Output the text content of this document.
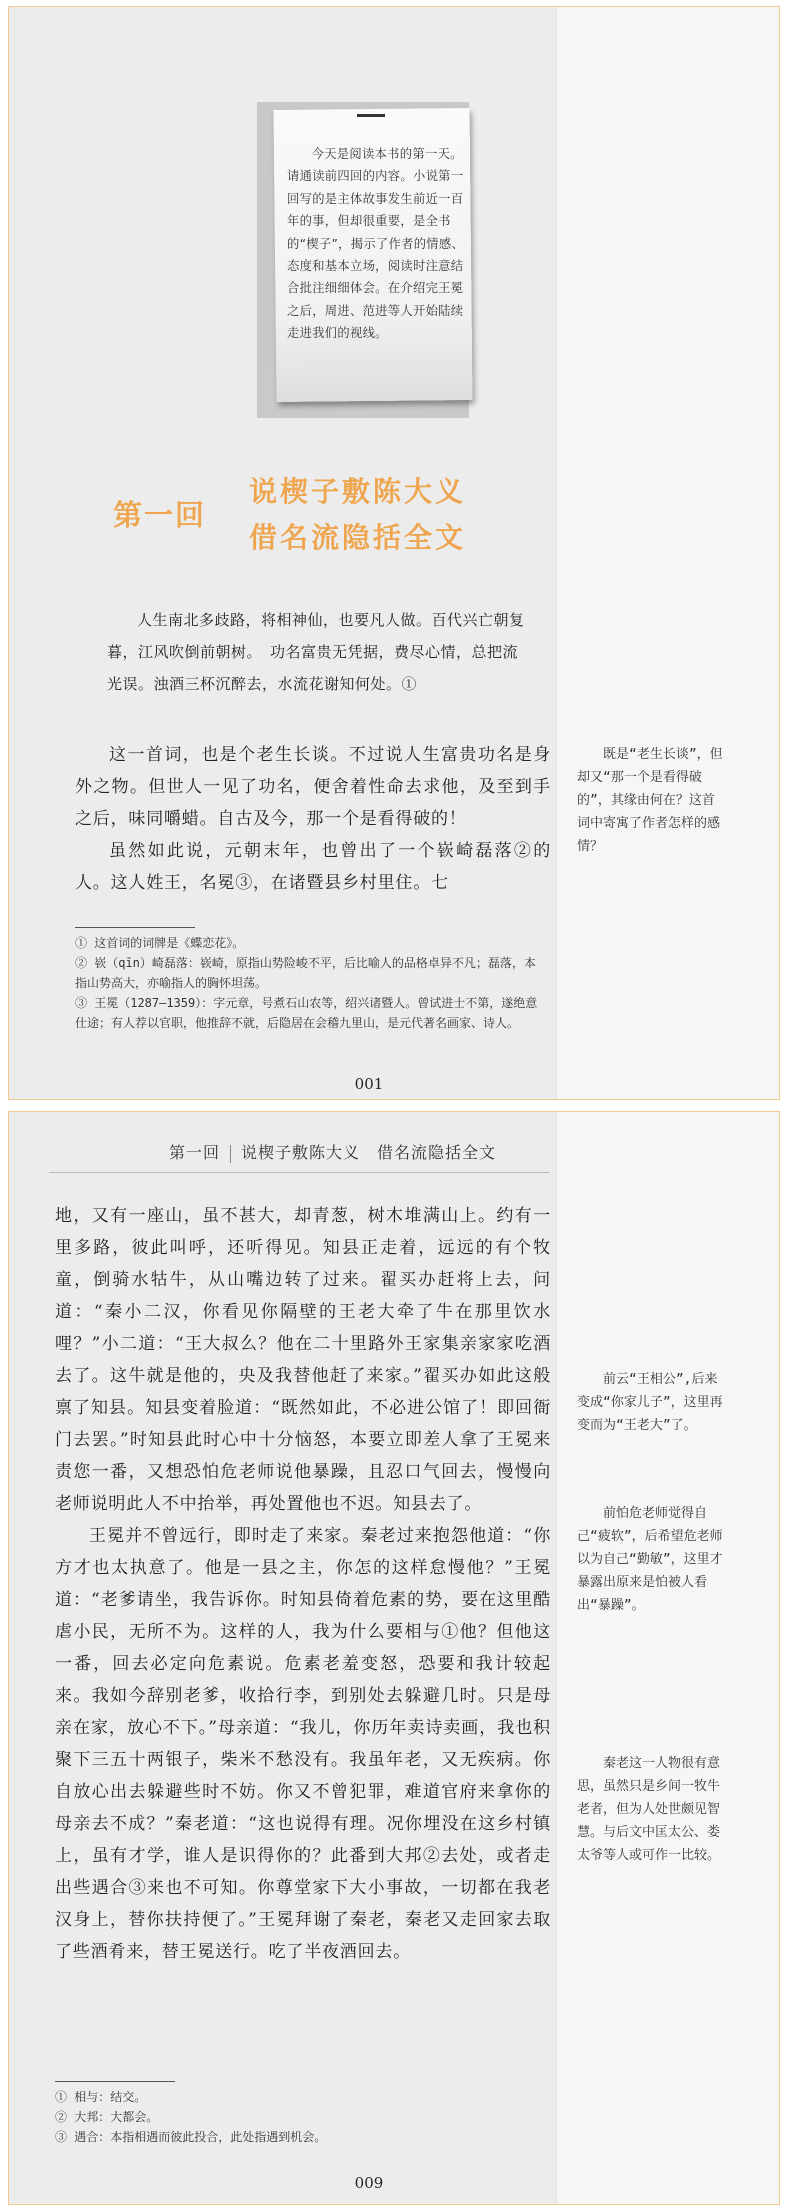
既是“老生长谈”，但却又“那一个是看得破的”，其缘由何在？这首词中寄寓了作者怎样的感情？

今天是阅读本书的第一天。请通读前四回的内容。小说第一回写的是主体故事发生前近一百年的事，但却很重要，是全书的“楔子”，揭示了作者的情感、态度和基本立场，阅读时注意结合批注细细体会。在介绍完王冕之后，周进、范进等人开始陆续走进我们的视线。

第一回
说楔子敷陈大义
借名流隐括全文

人生南北多歧路，将相神仙，也要凡人做。百代兴亡朝复暮，江风吹倒前朝树。　功名富贵无凭据，费尽心情，总把流光误。浊酒三杯沉醉去，水流花谢知何处。①

这一首词，也是个老生长谈。不过说人生富贵功名是身外之物。但世人一见了功名，便舍着性命去求他，及至到手之后，味同嚼蜡。自古及今，那一个是看得破的！

虽然如此说，元朝末年，也曾出了一个嵚崎磊落②的人。这人姓王，名冕③，在诸暨县乡村里住。七

① 这首词的词牌是《蝶恋花》。
② 嵚（qīn）崎磊落：嵚崎，原指山势险峻不平，后比喻人的品格卓异不凡；磊落，本指山势高大，亦喻指人的胸怀坦荡。
③ 王冕（1287—1359）：字元章，号煮石山农等，绍兴诸暨人。曾试进士不第，遂绝意仕途；有人荐以官职，他推辞不就，后隐居在会稽九里山，是元代著名画家、诗人。
001

前云“王相公”,后来变成“你家儿子”，这里再变而为“王老大”了。

前怕危老师觉得自己“疲软”，后希望危老师以为自己“勤敏”，这里才暴露出原来是怕被人看出“暴躁”。

秦老这一人物很有意思，虽然只是乡间一牧牛老者，但为人处世颇见智慧。与后文中匡太公、娄太爷等人或可作一比较。

第一回 说楔子敷陈大义　借名流隐括全文

地，又有一座山，虽不甚大，却青葱，树木堆满山上。约有一里多路，彼此叫呼，还听得见。知县正走着，远远的有个牧童，倒骑水牯牛，从山嘴边转了过来。翟买办赶将上去，问道：“秦小二汉，你看见你隔壁的王老大牵了牛在那里饮水哩？”小二道：“王大叔么？他在二十里路外王家集亲家家吃酒去了。这牛就是他的，央及我替他赶了来家。”翟买办如此这般禀了知县。知县变着脸道：“既然如此，不必进公馆了！即回衙门去罢。”时知县此时心中十分恼怒，本要立即差人拿了王冕来责您一番，又想恐怕危老师说他暴躁，且忍口气回去，慢慢向老师说明此人不中抬举，再处置他也不迟。知县去了。

王冕并不曾远行，即时走了来家。秦老过来抱怨他道：“你方才也太执意了。他是一县之主，你怎的这样怠慢他？”王冕道：“老爹请坐，我告诉你。时知县倚着危素的势，要在这里酷虐小民，无所不为。这样的人，我为什么要相与①他？但他这一番，回去必定向危素说。危素老羞变怒，恐要和我计较起来。我如今辞别老爹，收拾行李，到别处去躲避几时。只是母亲在家，放心不下。”母亲道：“我儿，你历年卖诗卖画，我也积聚下三五十两银子，柴米不愁没有。我虽年老，又无疾病。你自放心出去躲避些时不妨。你又不曾犯罪，难道官府来拿你的母亲去不成？”秦老道：“这也说得有理。况你埋没在这乡村镇上，虽有才学，谁人是识得你的？此番到大邦②去处，或者走出些遇合③来也不可知。你尊堂家下大小事故，一切都在我老汉身上，替你扶持便了。”王冕拜谢了秦老，秦老又走回家去取了些酒肴来，替王冕送行。吃了半夜酒回去。

① 相与：结交。
② 大邦：大都会。
③ 遇合：本指相遇而彼此投合，此处指遇到机会。
009
